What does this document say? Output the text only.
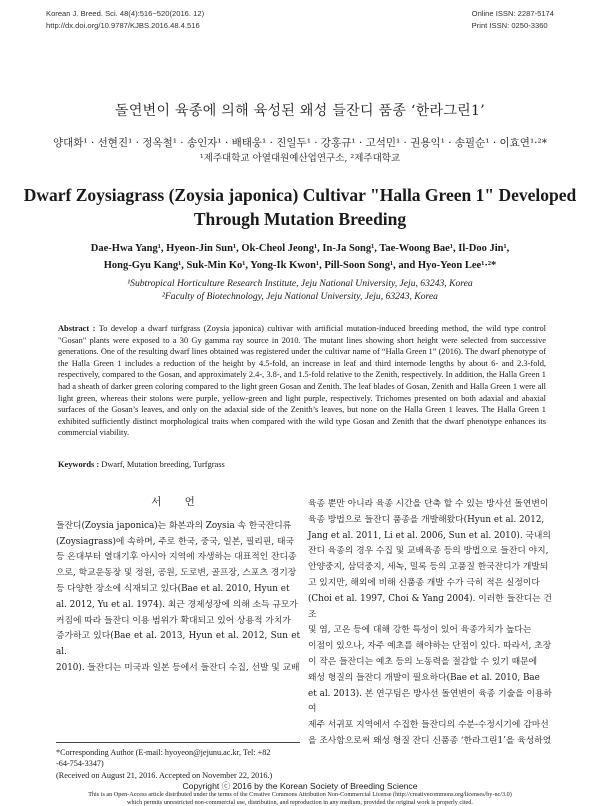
Korean J. Breed. Sci. 48(4):516~520(2016. 12)
http://dx.doi.org/10.9787/KJBS.2016.48.4.516
Online ISSN: 2287-5174
Print ISSN: 0250-3360
돌연변이 육종에 의해 육성된 왜성 들잔디 품종 ‘한라그린1’
양대화¹ · 선현진¹ · 정옥철¹ · 송인자¹ · 배태웅¹ · 진일두¹ · 강홍규¹ · 고석민¹ · 권용익¹ · 송필순¹ · 이효연¹·²*
¹제주대학교 아열대원예산업연구소, ²제주대학교
Dwarf Zoysiagrass (Zoysia japonica) Cultivar "Halla Green 1" Developed
Through Mutation Breeding
Dae-Hwa Yang¹, Hyeon-Jin Sun¹, Ok-Cheol Jeong¹, In-Ja Song¹, Tae-Woong Bae¹, Il-Doo Jin¹,
Hong-Gyu Kang¹, Suk-Min Ko¹, Yong-Ik Kwon¹, Pill-Soon Song¹, and Hyo-Yeon Lee¹·²*
¹Subtropical Horticulture Research Institute, Jeju National University, Jeju, 63243, Korea
²Faculty of Biotechnology, Jeju National University, Jeju, 63243, Korea
Abstract : To develop a dwarf turfgrass (Zoysia japonica) cultivar with artificial mutation-induced breeding method, the wild type control "Gosan" plants were exposed to a 30 Gy gamma ray source in 2010. The mutant lines showing short height were selected from successive generations. One of the resulting dwarf lines obtained was registered under the cultivar name of “Halla Green 1” (2016). The dwarf phenotype of the Halla Green 1 includes a reduction of the height by 4.5-fold, an increase in leaf and third internode lengths by about 6- and 2.3-fold, respectively, compared to the Gosan, and approximately 2.4-, 3.8-, and 1.5-fold relative to the Zenith, respectively. In addition, the Halla Green 1 had a sheath of darker green coloring compared to the light green Gosan and Zenith. The leaf blades of Gosan, Zenith and Halla Green 1 were all light green, whereas their stolons were purple, yellow-green and light purple, respectively. Trichomes presented on both adaxial and abaxial surfaces of the Gosan’s leaves, and only on the adaxial side of the Zenith’s leaves, but none on the Halla Green 1 leaves. The Halla Green 1 exhibited sufficiently distinct morphological traits when compared with the wild type Gosan and Zenith that the dwarf phenotype enhances its commercial viability.
Keywords : Dwarf, Mutation breeding, Turfgrass
서 언
들잔디(Zoysia japonica)는 화본과의 Zoysia 속 한국잔디류
(Zoysiagrass)에 속하며, 주로 한국, 중국, 일본, 필리핀, 태국
등 온대부터 열대기후 아시아 지역에 자생하는 대표적인 잔디종
으로, 학교운동장 및 정원, 공원, 도로변, 골프장, 스포츠 경기장
등 다양한 장소에 식재되고 있다(Bae et al. 2010, Hyun et
al. 2012, Yu et al. 1974). 최근 경제성장에 의해 소득 규모가
커짐에 따라 들잔디 이용 범위가 확대되고 있어 상용적 가치가
증가하고 있다(Bae et al. 2013, Hyun et al. 2012, Sun et al.
2010). 들잔디는 미국과 일본 등에서 들잔디 수집, 선발 및 교배
육종 뿐만 아니라 육종 시간을 단축 할 수 있는 방사선 돌연변이
육종 방법으로 들잔디 품종을 개발해왔다(Hyun et al. 2012,
Jang et al. 2011, Li et al. 2006, Sun et al. 2010). 국내의
잔디 육종의 경우 수집 및 교배육종 등의 방법으로 들잔디 야지,
안양중지, 삼덕중지, 세녹, 밀록 등의 고품질 한국잔디가 개발되
고 있지만, 해외에 비해 신품종 개발 수가 극히 적은 실정이다
(Choi et al. 1997, Choi & Yang 2004). 이러한 들잔디는 건조
및 염, 고온 등에 대해 강한 특성이 있어 육종가치가 높다는
이점이 있으나, 자주 예초를 해야하는 단점이 있다. 따라서, 초장
이 작은 들잔디는 예초 등의 노동력을 절감할 수 있기 때문에
왜성 형질의 들잔디 개발이 필요하다(Bae et al. 2010, Bae
et al. 2013). 본 연구팀은 방사선 돌연변이 육종 기술을 이용하여
제주 서귀포 지역에서 수집한 들잔디의 수분-수정시기에 감마선
을 조사함으로써 왜성 형질 잔디 신품종 ‘한라그린1’을 육성하였
*Corresponding Author (E-mail: hyoyeon@jejunu.ac.kr, Tel: +82
-64-754-3347)
(Received on August 21, 2016. Accepted on November 22, 2016.)
Copyright ⓒ 2016 by the Korean Society of Breeding Science
This is an Open-Access article distributed under the terms of the Creative Commons Attribution Non-Commercial License (http://creativecommons.org/licenses/by-nc/3.0)
which permits unrestricted non-commercial use, distribution, and reproduction in any medium, provided the original work is properly cited.
